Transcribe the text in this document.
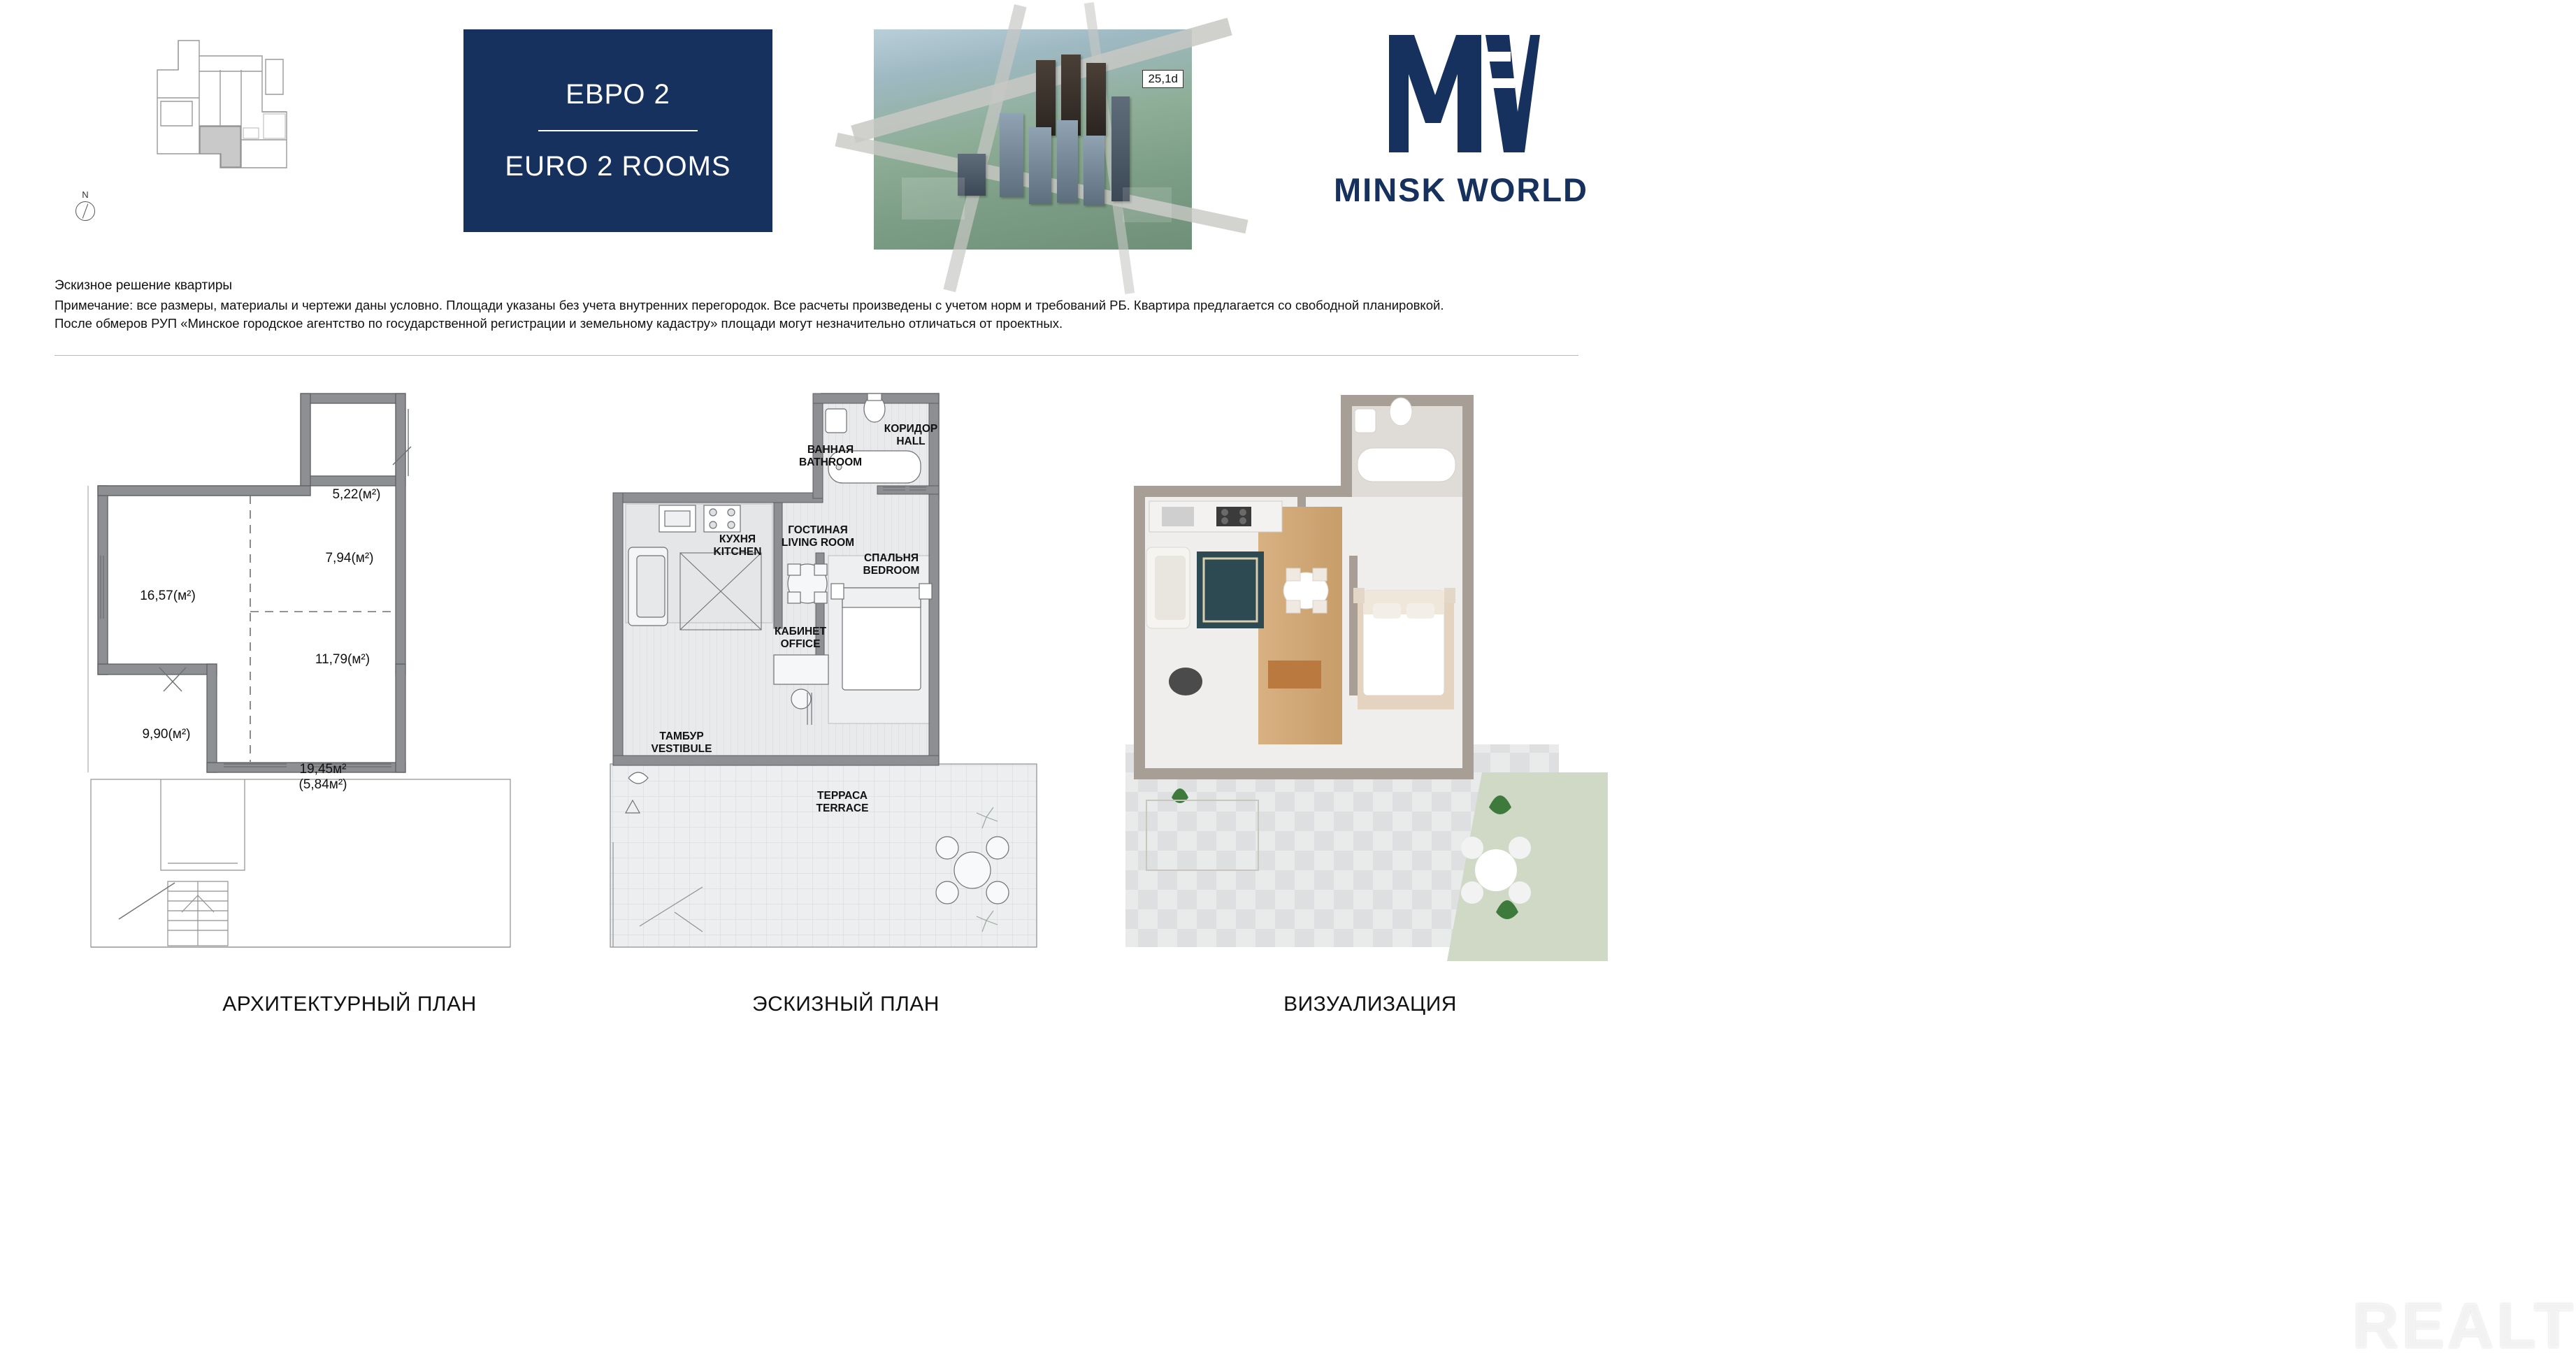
N
ЕВРО 2
EURO 2 ROOMS
25,1d
MINSK WORLD
Эскизное решение квартиры
Примечание: все размеры, материалы и чертежи даны условно. Площади указаны без учета внутренних перегородок. Все расчеты произведены с учетом норм и требований РБ. Квартира предлагается со свободной планировкой.
После обмеров РУП «Минское городское агентство по государственной регистрации и земельному кадастру» площади могут незначительно отличаться от проектных.
5,22(м²)
7,94(м²)
16,57(м²)
11,79(м²)
9,90(м²)
19,45м²
(5,84м²)
КОРИДОР
HALL
ВАННАЯ
BATHROOM
ГОСТИНАЯ
LIVING ROOM
СПАЛЬНЯ
BEDROOM
КУХНЯ
KITCHEN
КАБИНЕТ
OFFICE
ТАМБУР
VESTIBULE
ТЕРРАСА
TERRACE
REALT
АРХИТЕКТУРНЫЙ ПЛАН	ЭСКИЗНЫЙ ПЛАН	ВИЗУАЛИЗАЦИЯ
